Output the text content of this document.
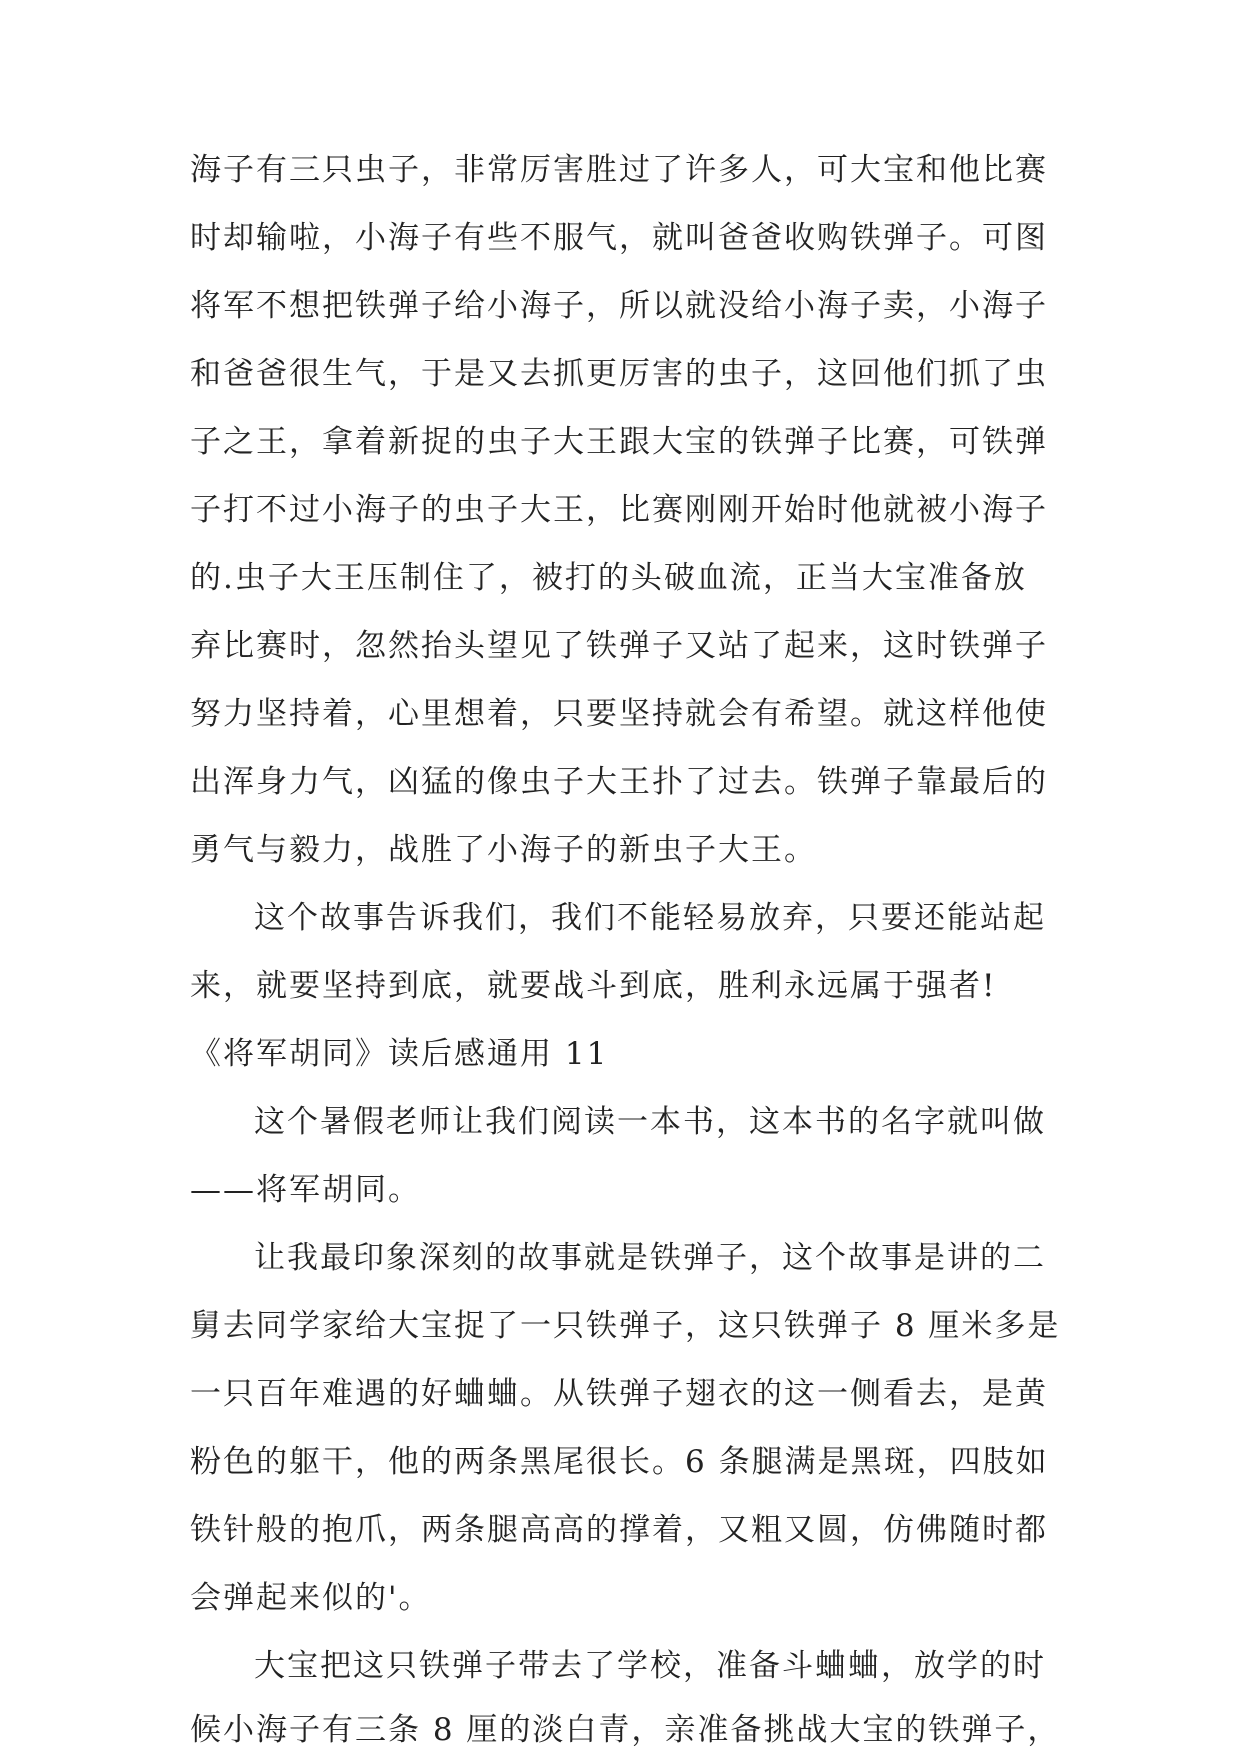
海子有三只虫子，非常厉害胜过了许多人，可大宝和他比赛
时却输啦，小海子有些不服气，就叫爸爸收购铁弹子。可图
将军不想把铁弹子给小海子，所以就没给小海子卖，小海子
和爸爸很生气，于是又去抓更厉害的虫子，这回他们抓了虫
子之王，拿着新捉的虫子大王跟大宝的铁弹子比赛，可铁弹
子打不过小海子的虫子大王，比赛刚刚开始时他就被小海子
的.虫子大王压制住了，被打的头破血流，正当大宝准备放
弃比赛时，忽然抬头望见了铁弹子又站了起来，这时铁弹子
努力坚持着，心里想着，只要坚持就会有希望。就这样他使
出浑身力气，凶猛的像虫子大王扑了过去。铁弹子靠最后的
勇气与毅力，战胜了小海子的新虫子大王。
这个故事告诉我们，我们不能轻易放弃，只要还能站起
来，就要坚持到底，就要战斗到底，胜利永远属于强者!
《将军胡同》读后感通用 11
这个暑假老师让我们阅读一本书，这本书的名字就叫做
——将军胡同。
让我最印象深刻的故事就是铁弹子，这个故事是讲的二
舅去同学家给大宝捉了一只铁弹子，这只铁弹子 8 厘米多是
一只百年难遇的好蛐蛐。从铁弹子翅衣的这一侧看去，是黄
粉色的躯干，他的两条黑尾很长。6 条腿满是黑斑，四肢如
铁针般的抱爪，两条腿高高的撑着，又粗又圆，仿佛随时都
会弹起来似的'。
大宝把这只铁弹子带去了学校，准备斗蛐蛐，放学的时
候小海子有三条 8 厘的淡白青，亲准备挑战大宝的铁弹子，
